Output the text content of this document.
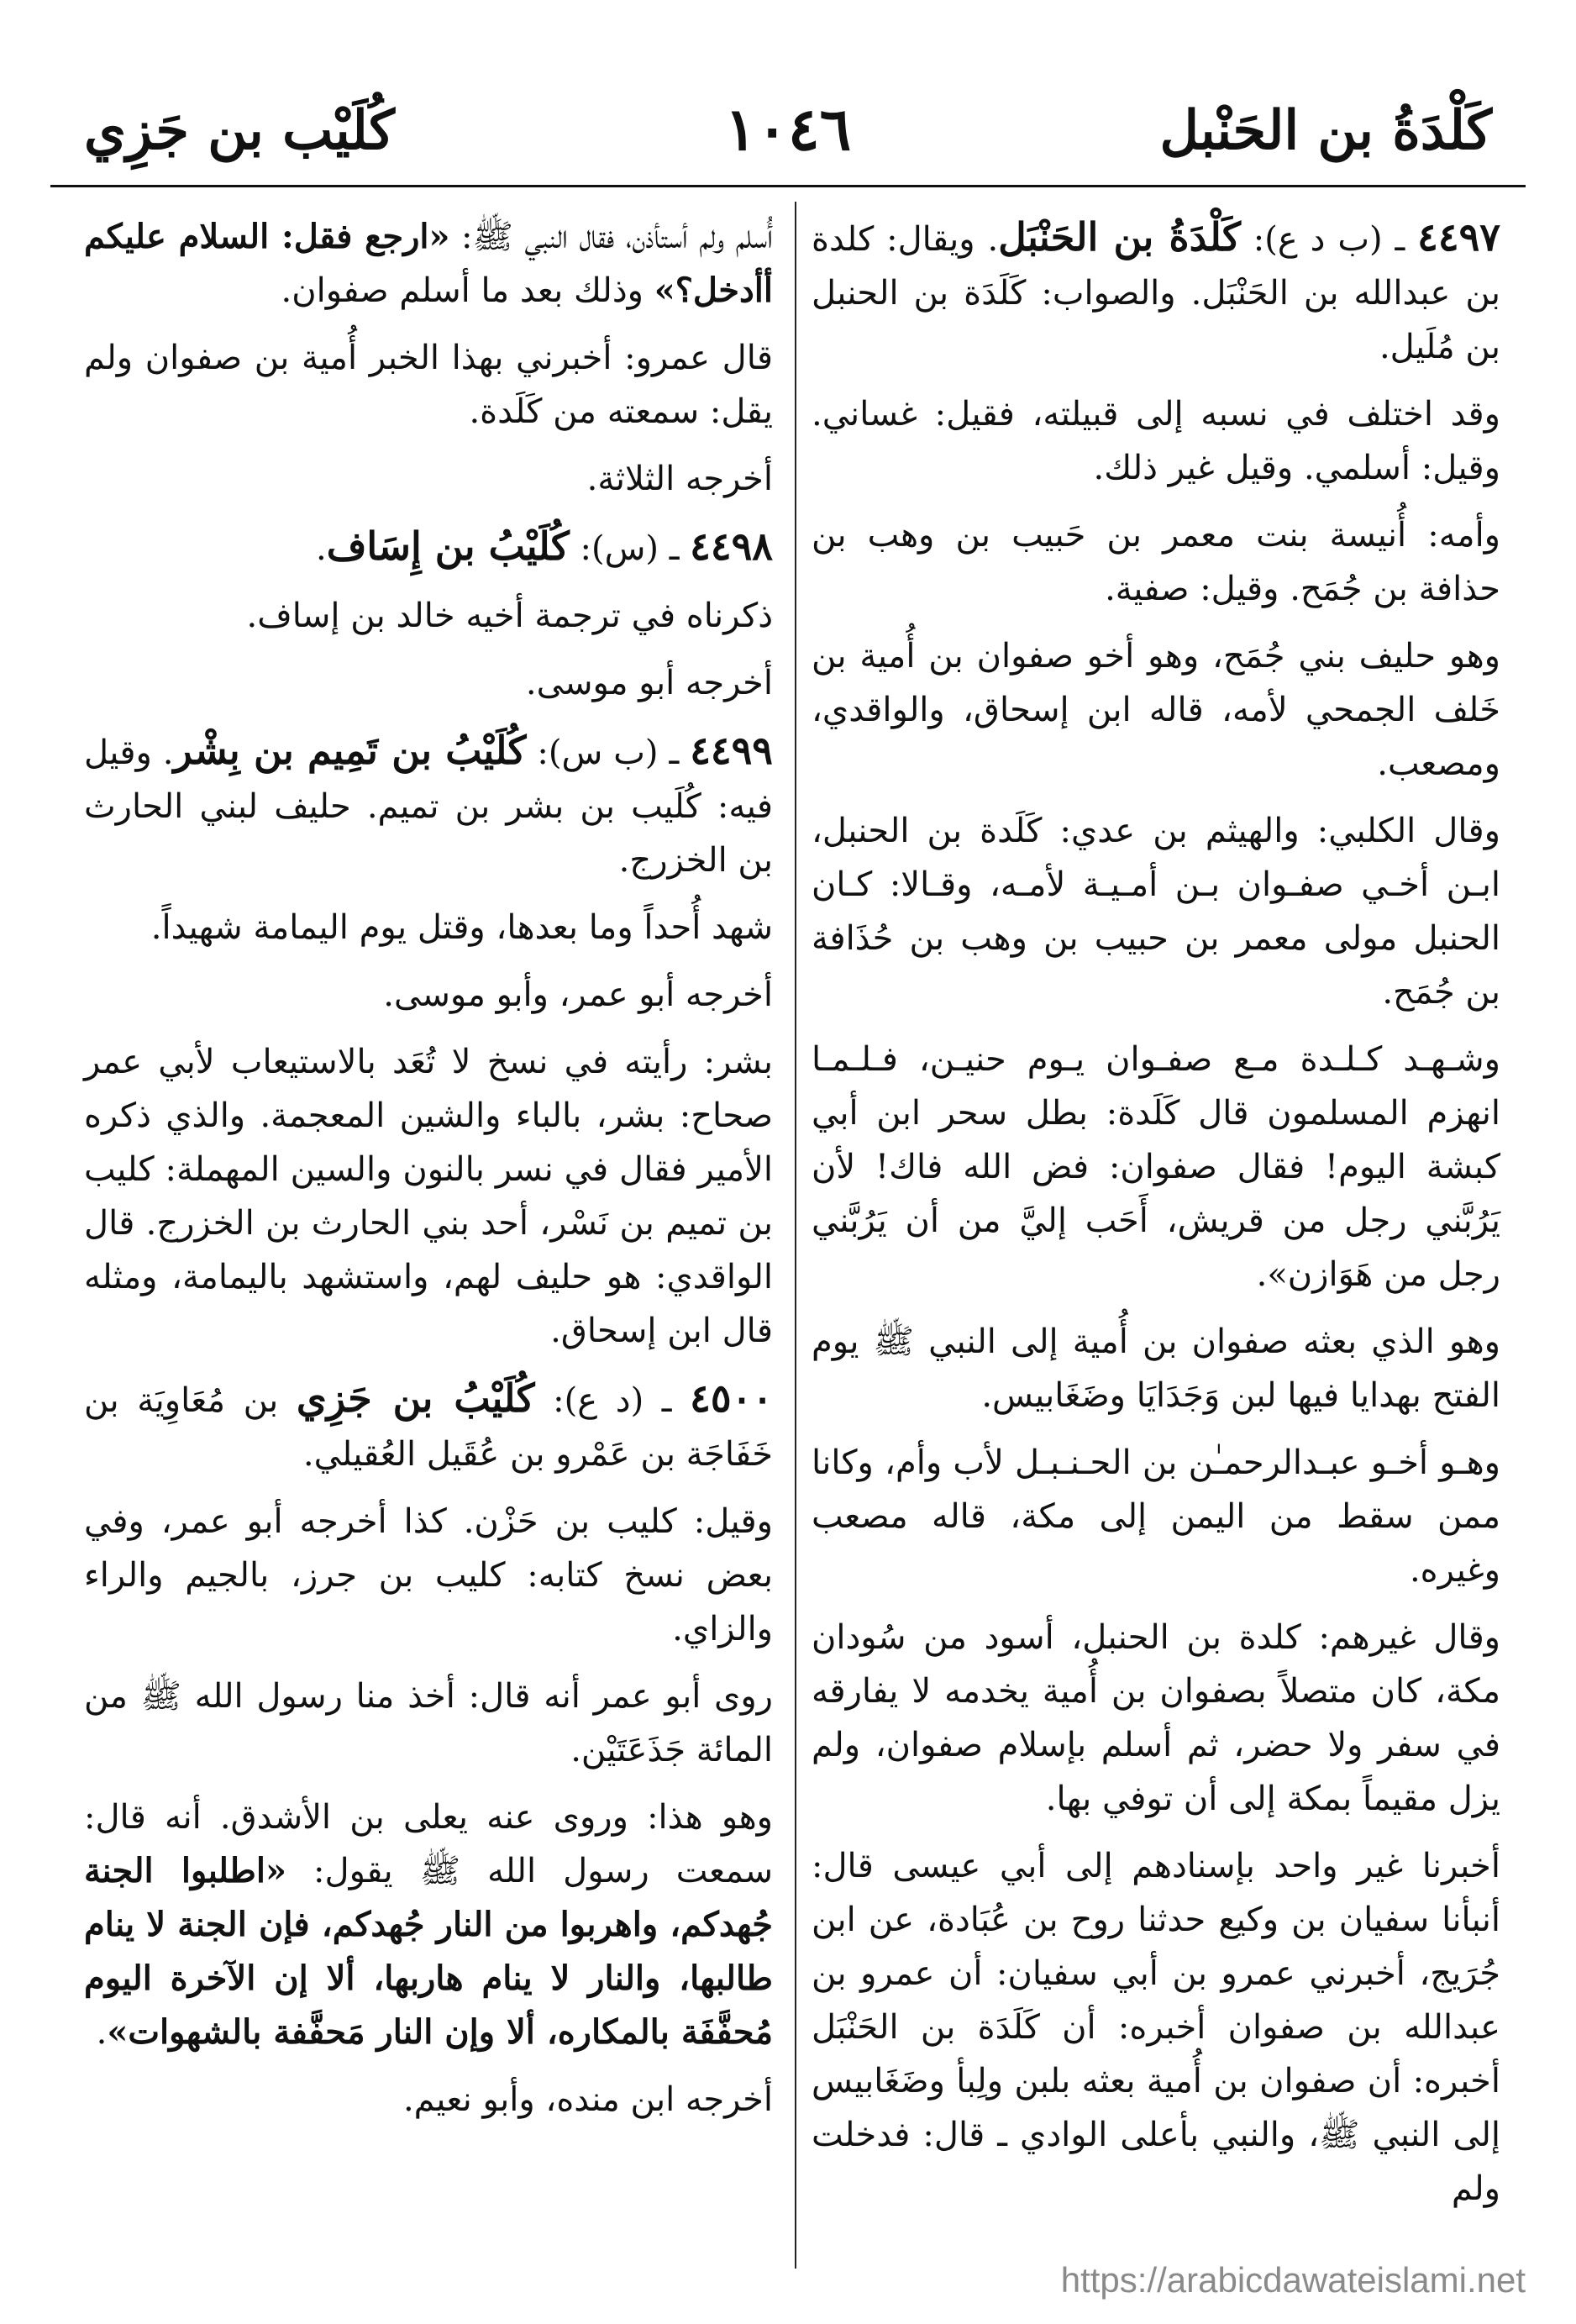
كَلْدَةُ بن الحَنْبل
١٠٤٦
كُلَيْب بن جَزِي

٤٤٩٧ ـ (ب د ع): كَلْدَةُ بن الحَنْبَل. ويقال: كلدة بن عبدالله بن الحَنْبَل. والصواب: كَلَدَة بن الحنبل بن مُلَيل.

وقد اختلف في نسبه إلى قبيلته، فقيل: غساني. وقيل: أسلمي. وقيل غير ذلك.

وأمه: أُنيسة بنت معمر بن حَبيب بن وهب بن حذافة بن جُمَح. وقيل: صفية.

وهو حليف بني جُمَح، وهو أخو صفوان بن أُمية بن خَلف الجمحي لأمه، قاله ابن إسحاق، والواقدي، ومصعب.

وقال الكلبي: والهيثم بن عدي: كَلَدة بن الحنبل، ابـن أخـي صفـوان بـن أمـيـة لأمـه، وقـالا: كـان الحنبل مولى معمر بن حبيب بن وهب بن حُذَافة بن جُمَح.

وشـهـد كـلـدة مـع صفـوان يـوم حنيـن، فـلـمـا انهزم المسلمون قال كَلَدة: بطل سحر ابن أبي كبشة اليوم! فقال صفوان: فض الله فاك! لأن يَرُبَّني رجل من قريش، أَحَب إليَّ من أن يَرُبَّني رجل من هَوَازن».

وهو الذي بعثه صفوان بن أُمية إلى النبي ﷺ يوم الفتح بهدايا فيها لبن وَجَدَايَا وضَغَابيس.

وهـو أخـو عبـدالرحمـٰن بن الحـنـبـل لأب وأم، وكانا ممن سقط من اليمن إلى مكة، قاله مصعب وغيره.

وقال غيرهم: كلدة بن الحنبل، أسود من سُودان مكة، كان متصلاً بصفوان بن أُمية يخدمه لا يفارقه في سفر ولا حضر، ثم أسلم بإسلام صفوان، ولم يزل مقيماً بمكة إلى أن توفي بها.

أخبرنا غير واحد بإسنادهم إلى أبي عيسى قال: أنبأنا سفيان بن وكيع حدثنا روح بن عُبَادة، عن ابن جُرَيج، أخبرني عمرو بن أبي سفيان: أن عمرو بن عبدالله بن صفوان أخبره: أن كَلَدَة بن الحَنْبَل أخبره: أن صفوان بن أُمية بعثه بلبن ولِبأ وضَغَابيس إلى النبي ﷺ، والنبي بأعلى الوادي ـ قال: فدخلت ولم

أُسلم ولم أستأذن، فقال النبي ﷺ: «ارجع فقل: السلام عليكم أأدخل؟» وذلك بعد ما أسلم صفوان.

قال عمرو: أخبرني بهذا الخبر أُمية بن صفوان ولم يقل: سمعته من كَلَدة.

أخرجه الثلاثة.

٤٤٩٨ ـ (س): كُلَيْبُ بن إِسَاف.

ذكرناه في ترجمة أخيه خالد بن إساف.

أخرجه أبو موسى.

٤٤٩٩ ـ (ب س): كُلَيْبُ بن تَمِيم بن بِشْر. وقيل فيه: كُلَيب بن بشر بن تميم. حليف لبني الحارث بن الخزرج.

شهد أُحداً وما بعدها، وقتل يوم اليمامة شهيداً.

أخرجه أبو عمر، وأبو موسى.

بشر: رأيته في نسخ لا تُعَد بالاستيعاب لأبي عمر صحاح: بشر، بالباء والشين المعجمة. والذي ذكره الأمير فقال في نسر بالنون والسين المهملة: كليب بن تميم بن نَسْر، أحد بني الحارث بن الخزرج. قال الواقدي: هو حليف لهم، واستشهد باليمامة، ومثله قال ابن إسحاق.

٤٥٠٠ ـ (د ع): كُلَيْبُ بن جَزِي بن مُعَاوِيَة بن خَفَاجَة بن عَمْرو بن عُقَيل العُقيلي.

وقيل: كليب بن حَزْن. كذا أخرجه أبو عمر، وفي بعض نسخ كتابه: كليب بن جرز، بالجيم والراء والزاي.

روى أبو عمر أنه قال: أخذ منا رسول الله ﷺ من المائة جَذَعَتَيْن.

وهو هذا: وروى عنه يعلى بن الأشدق. أنه قال: سمعت رسول الله ﷺ يقول: «اطلبوا الجنة جُهدكم، واهربوا من النار جُهدكم، فإن الجنة لا ينام طالبها، والنار لا ينام هاربها، ألا إن الآخرة اليوم مُحفَّفَة بالمكاره، ألا وإن النار مَحفَّفة بالشهوات».

أخرجه ابن منده، وأبو نعيم.

https://arabicdawateislami.net
